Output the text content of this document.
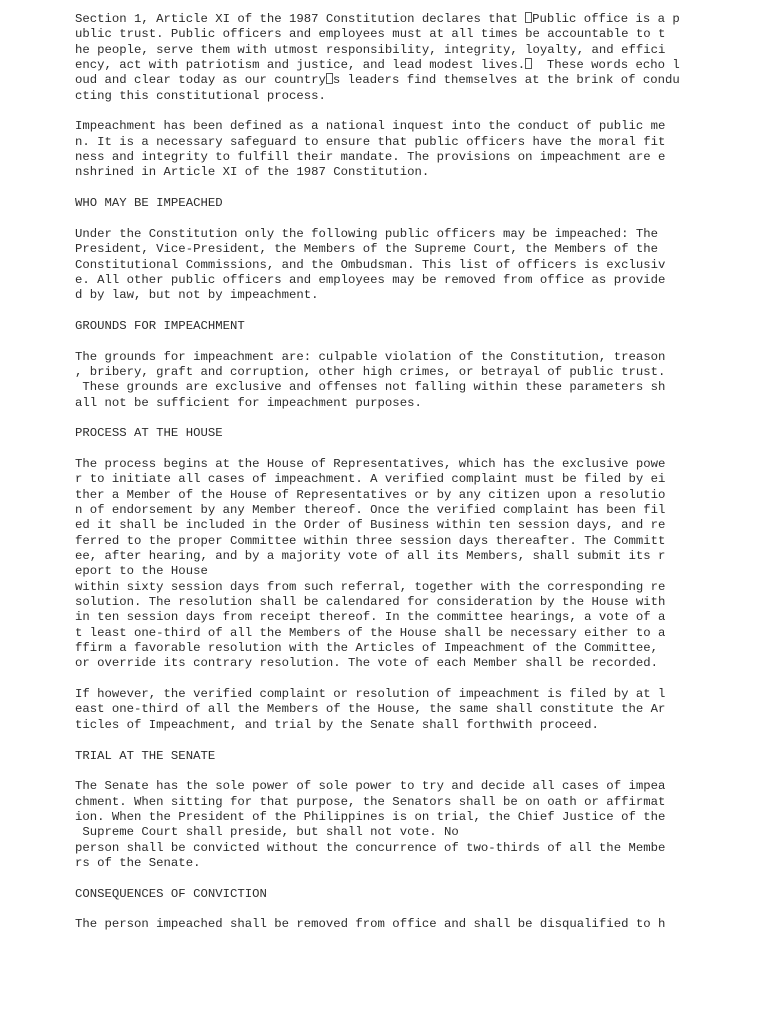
Section 1, Article XI of the 1987 Constitution declares that Public office is a p
ublic trust. Public officers and employees must at all times be accountable to t
he people, serve them with utmost responsibility, integrity, loyalty, and effici
ency, act with patriotism and justice, and lead modest lives.  These words echo l
oud and clear today as our country s leaders find themselves at the brink of condu
cting this constitutional process.
Impeachment has been defined as a national inquest into the conduct of public me
n. It is a necessary safeguard to ensure that public officers have the moral fit
ness and integrity to fulfill their mandate. The provisions on impeachment are e
nshrined in Article XI of the 1987 Constitution.
WHO MAY BE IMPEACHED
Under the Constitution only the following public officers may be impeached: The
President, Vice-President, the Members of the Supreme Court, the Members of the
Constitutional Commissions, and the Ombudsman. This list of officers is exclusiv
e. All other public officers and employees may be removed from office as provide
d by law, but not by impeachment.
GROUNDS FOR IMPEACHMENT
The grounds for impeachment are: culpable violation of the Constitution, treason
, bribery, graft and corruption, other high crimes, or betrayal of public trust.
These grounds are exclusive and offenses not falling within these parameters sh
all not be sufficient for impeachment purposes.
PROCESS AT THE HOUSE
The process begins at the House of Representatives, which has the exclusive powe
r to initiate all cases of impeachment. A verified complaint must be filed by ei
ther a Member of the House of Representatives or by any citizen upon a resolutio
n of endorsement by any Member thereof. Once the verified complaint has been fil
ed it shall be included in the Order of Business within ten session days, and re
ferred to the proper Committee within three session days thereafter. The Committ
ee, after hearing, and by a majority vote of all its Members, shall submit its r
eport to the House
within sixty session days from such referral, together with the corresponding re
solution. The resolution shall be calendared for consideration by the House with
in ten session days from receipt thereof. In the committee hearings, a vote of a
t least one-third of all the Members of the House shall be necessary either to a
ffirm a favorable resolution with the Articles of Impeachment of the Committee,
or override its contrary resolution. The vote of each Member shall be recorded.
If however, the verified complaint or resolution of impeachment is filed by at l
east one-third of all the Members of the House, the same shall constitute the Ar
ticles of Impeachment, and trial by the Senate shall forthwith proceed.
TRIAL AT THE SENATE
The Senate has the sole power of sole power to try and decide all cases of impea
chment. When sitting for that purpose, the Senators shall be on oath or affirmat
ion. When the President of the Philippines is on trial, the Chief Justice of the
Supreme Court shall preside, but shall not vote. No
person shall be convicted without the concurrence of two-thirds of all the Membe
rs of the Senate.
CONSEQUENCES OF CONVICTION
The person impeached shall be removed from office and shall be disqualified to h
